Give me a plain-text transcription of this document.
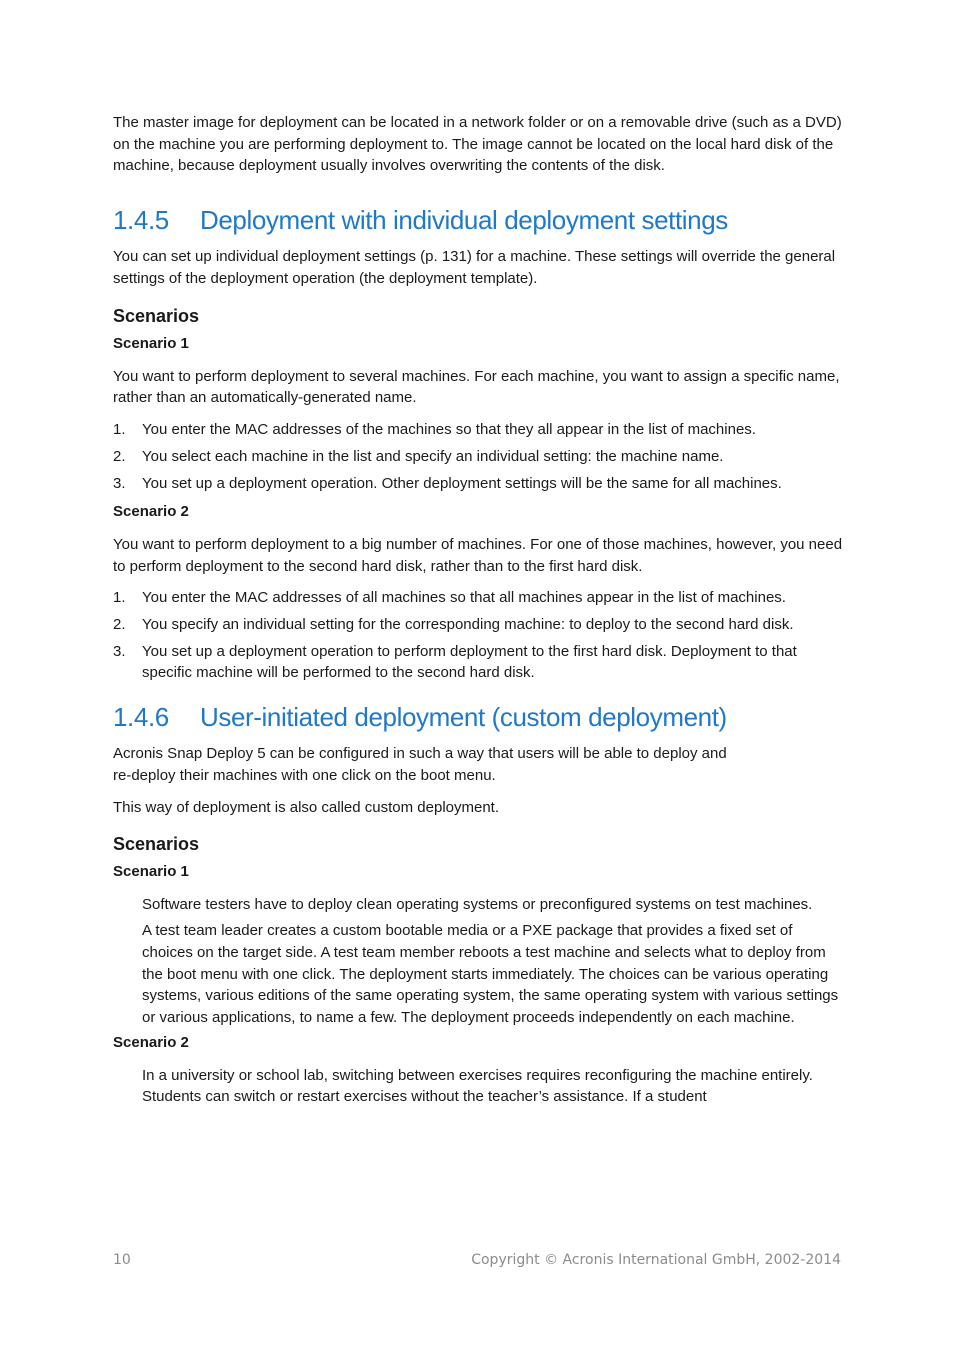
The master image for deployment can be located in a network folder or on a removable drive (such as a DVD) on the machine you are performing deployment to. The image cannot be located on the local hard disk of the machine, because deployment usually involves overwriting the contents of the disk.

1.4.5 Deployment with individual deployment settings

You can set up individual deployment settings (p. 131) for a machine. These settings will override the general settings of the deployment operation (the deployment template).

Scenarios
Scenario 1

You want to perform deployment to several machines. For each machine, you want to assign a specific name, rather than an automatically-generated name.

1. You enter the MAC addresses of the machines so that they all appear in the list of machines.
2. You select each machine in the list and specify an individual setting: the machine name.
3. You set up a deployment operation. Other deployment settings will be the same for all machines.
Scenario 2

You want to perform deployment to a big number of machines. For one of those machines, however, you need to perform deployment to the second hard disk, rather than to the first hard disk.

1. You enter the MAC addresses of all machines so that all machines appear in the list of machines.
2. You specify an individual setting for the corresponding machine: to deploy to the second hard disk.
3. You set up a deployment operation to perform deployment to the first hard disk. Deployment to that specific machine will be performed to the second hard disk.
1.4.6 User-initiated deployment (custom deployment)

Acronis Snap Deploy 5 can be configured in such a way that users will be able to deploy and

re-deploy their machines with one click on the boot menu.

This way of deployment is also called custom deployment.

Scenarios
Scenario 1

Software testers have to deploy clean operating systems or preconfigured systems on test machines.

A test team leader creates a custom bootable media or a PXE package that provides a fixed set of choices on the target side. A test team member reboots a test machine and selects what to deploy from the boot menu with one click. The deployment starts immediately. The choices can be various operating systems, various editions of the same operating system, the same operating system with various settings or various applications, to name a few. The deployment proceeds independently on each machine.

Scenario 2

In a university or school lab, switching between exercises requires reconfiguring the machine entirely. Students can switch or restart exercises without the teacher’s assistance. If a student

10	Copyright © Acronis International GmbH, 2002-2014
